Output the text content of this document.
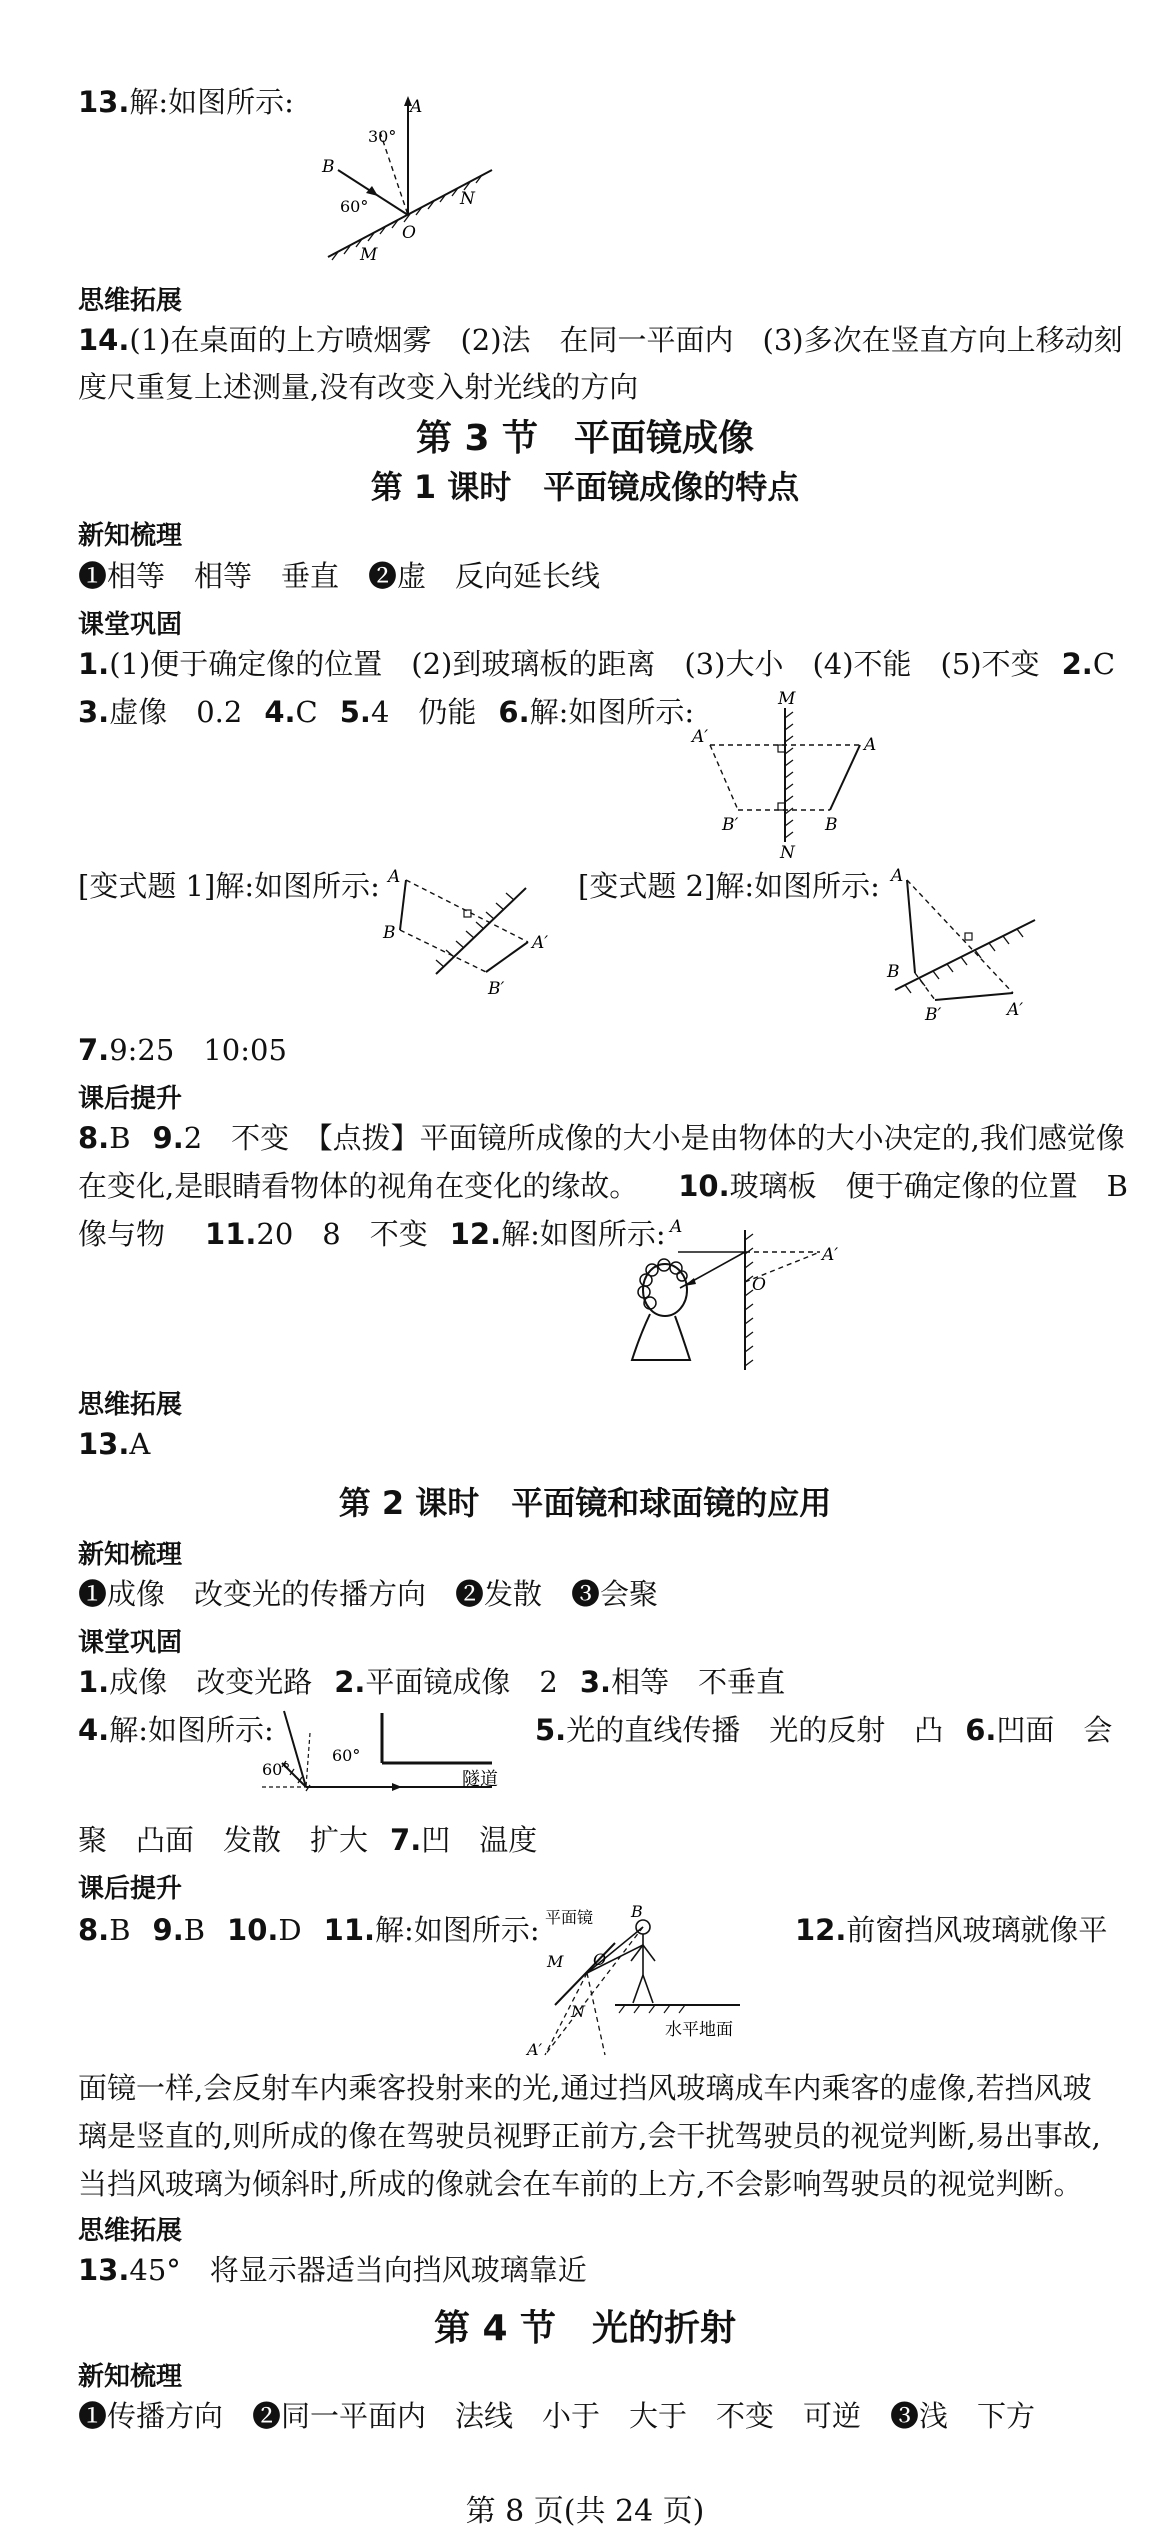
13.解:如图所示:	A
B
O
N
M
30°
60°
思维拓展
14.(1)在桌面的上方喷烟雾　(2)法　在同一平面内　(3)多次在竖直方向上移动刻
度尺重复上述测量,没有改变入射光线的方向
第 3 节　平面镜成像
第 1 课时　平面镜成像的特点
新知梳理
❶相等　相等　垂直　❷虚　反向延长线
课堂巩固
1.(1)便于确定像的位置　(2)到玻璃板的距离　(3)大小　(4)不能　(5)不变 2.C
3.虚像　0.2 4.C 5.4　仍能 6.解:如图所示:	M
N
A
A′
B
B′
[变式题 1]解:如图所示:	[变式题 2]解:如图所示:
A
B	A′
B′
A
B
A′
B′
7.9:25　10:05
课后提升
8.B 9.2　不变　【点拨】平面镜所成像的大小是由物体的大小决定的,我们感觉像
在变化,是眼睛看物体的视角在变化的缘故。 10.玻璃板　便于确定像的位置　B
像与物 11.20　8　不变 12.解:如图所示: A
A′
O
思维拓展
13.A
第 2 课时　平面镜和球面镜的应用
新知梳理
❶成像　改变光的传播方向　❷发散　❸会聚
课堂巩固
1.成像　改变光路 2.平面镜成像　2 3.相等　不垂直
4.解:如图所示:	5.光的直线传播　光的反射　凸 6.凹面　会
60°
60°
隧道
聚　凸面　发散　扩大 7.凹　温度
课后提升
8.B 9.B 10.D 11.解:如图所示:	12.前窗挡风玻璃就像平
平面镜 B
M O
N
A′
水平地面
面镜一样,会反射车内乘客投射来的光,通过挡风玻璃成车内乘客的虚像,若挡风玻
璃是竖直的,则所成的像在驾驶员视野正前方,会干扰驾驶员的视觉判断,易出事故,
当挡风玻璃为倾斜时,所成的像就会在车前的上方,不会影响驾驶员的视觉判断。
思维拓展
13.45°　将显示器适当向挡风玻璃靠近
第 4 节　光的折射
新知梳理
❶传播方向　❷同一平面内　法线　小于　大于　不变　可逆　❸浅　下方
第 8 页(共 24 页)
